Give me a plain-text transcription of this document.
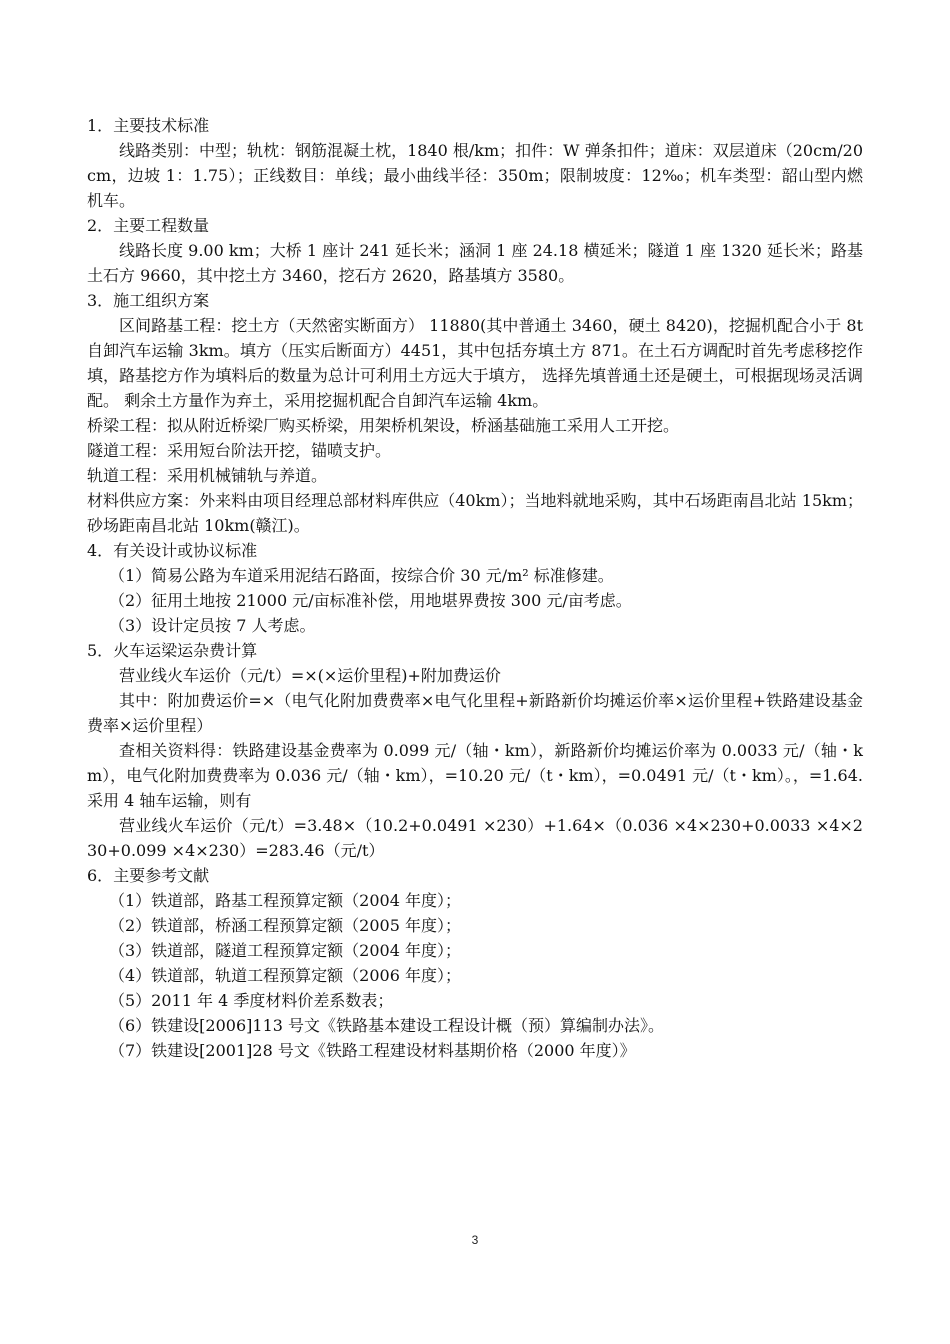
1．主要技术标准

线路类别：中型；轨枕：钢筋混凝土枕，1840 根/km；扣件：W 弹条扣件；道床：双层道床（20cm/20cm，边坡 1：1.75）；正线数目：单线；最小曲线半径：350m；限制坡度：12‰；机车类型：韶山型内燃机车。

2．主要工程数量

线路长度 9.00 km；大桥 1 座计 241 延长米；涵洞 1 座 24.18 横延米；隧道 1 座 1320 延长米；路基土石方 9660，其中挖土方 3460，挖石方 2620，路基填方 3580。

3．施工组织方案

区间路基工程：挖土方（天然密实断面方） 11880(其中普通土 3460，硬土 8420)，挖掘机配合小于 8t 自卸汽车运输 3km。填方（压实后断面方）4451，其中包括夯填土方 871。在土石方调配时首先考虑移挖作填，路基挖方作为填料后的数量为总计可利用土方远大于填方， 选择先填普通土还是硬土，可根据现场灵活调配。 剩余土方量作为弃土，采用挖掘机配合自卸汽车运输 4km。

桥梁工程：拟从附近桥梁厂购买桥梁，用架桥机架设，桥涵基础施工采用人工开挖。

隧道工程：采用短台阶法开挖，锚喷支护。

轨道工程：采用机械铺轨与养道。

材料供应方案：外来料由项目经理总部材料库供应（40km）；当地料就地采购，其中石场距南昌北站 15km；砂场距南昌北站 10km(赣江)。

4．有关设计或协议标准

（1）简易公路为车道采用泥结石路面，按综合价 30 元/m² 标准修建。

（2）征用土地按 21000 元/亩标准补偿，用地堪界费按 300 元/亩考虑。

（3）设计定员按 7 人考虑。

5．火车运梁运杂费计算

营业线火车运价（元/t）=×(×运价里程)+附加费运价

其中：附加费运价=×（电气化附加费费率×电气化里程+新路新价均摊运价率×运价里程+铁路建设基金费率×运价里程）

查相关资料得：铁路建设基金费率为 0.099 元/（轴・km），新路新价均摊运价率为 0.0033 元/（轴・km），电气化附加费费率为 0.036 元/（轴・km），=10.20 元/（t・km），=0.0491 元/（t・km）。，=1.64.采用 4 轴车运输，则有

营业线火车运价（元/t）=3.48×（10.2+0.0491 ×230）+1.64×（0.036 ×4×230+0.0033 ×4×230+0.099 ×4×230）=283.46（元/t）

6．主要参考文献

（1）铁道部，路基工程预算定额（2004 年度）；

（2）铁道部，桥涵工程预算定额（2005 年度）；

（3）铁道部，隧道工程预算定额（2004 年度）；

（4）铁道部，轨道工程预算定额（2006 年度）；

（5）2011 年 4 季度材料价差系数表；

（6）铁建设[2006]113 号文《铁路基本建设工程设计概（预）算编制办法》。

（7）铁建设[2001]28 号文《铁路工程建设材料基期价格（2000 年度）》

3
